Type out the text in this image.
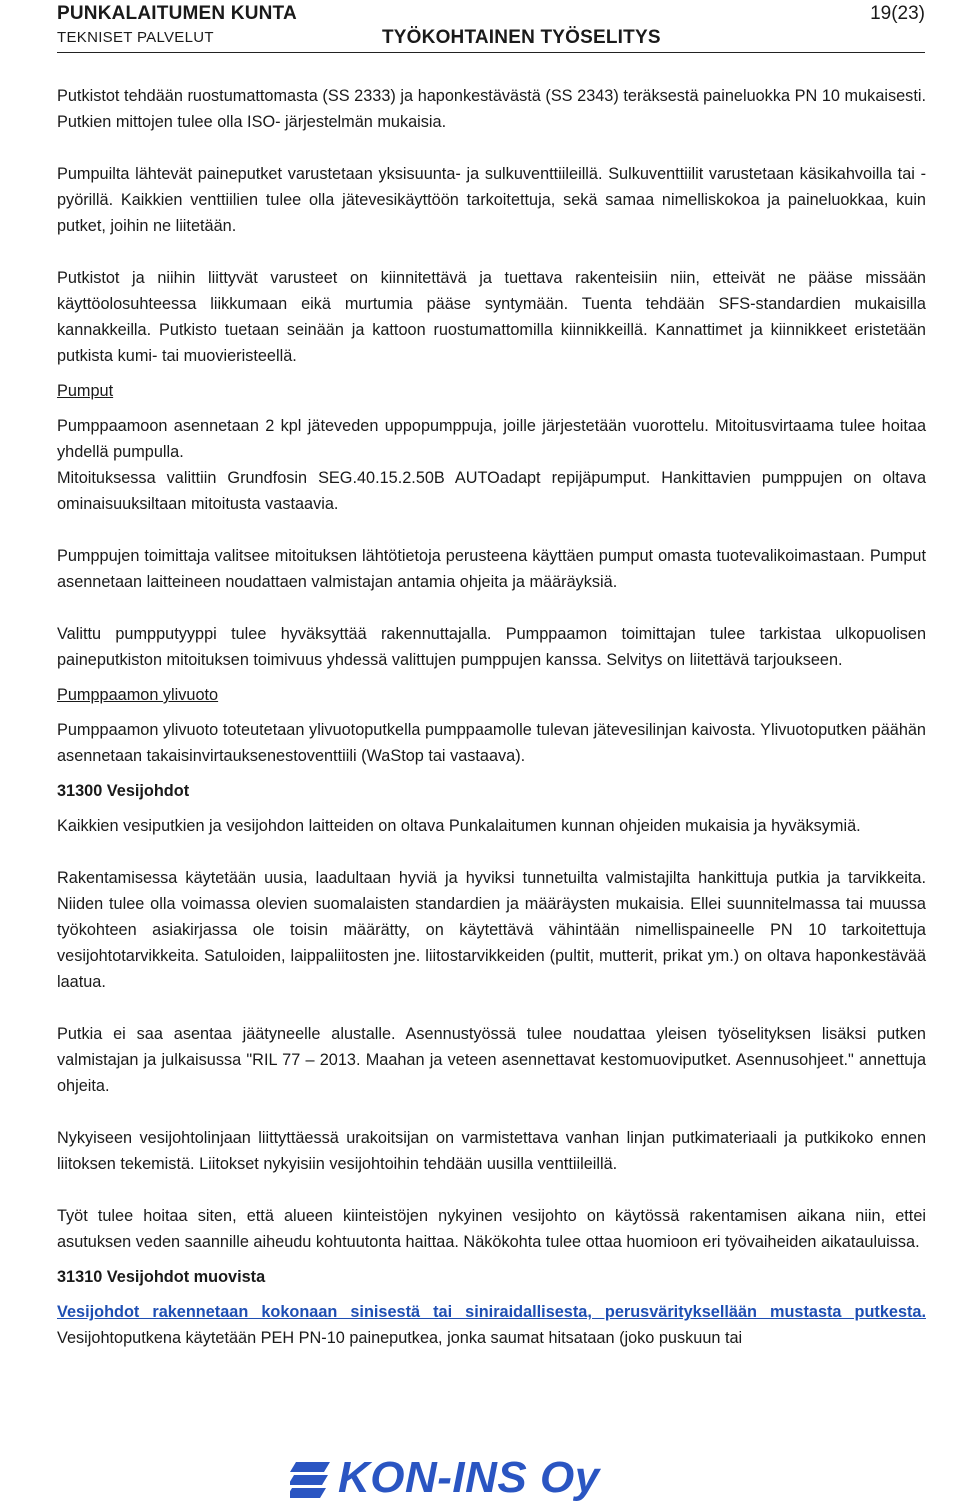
PUNKALAITUMEN KUNTA	19(23)
TEKNISET PALVELUT	TYÖKOHTAINEN TYÖSELITYS

Putkistot tehdään ruostumattomasta (SS 2333) ja haponkestävästä (SS 2343) teräksestä paineluokka PN 10 mukaisesti. Putkien mittojen tulee olla ISO- järjestelmän mukaisia.

Pumpuilta lähtevät paineputket varustetaan yksisuunta- ja sulkuventtiileillä. Sulkuventtiilit varustetaan käsikahvoilla tai -pyörillä. Kaikkien venttiilien tulee olla jätevesikäyttöön tarkoitettuja, sekä samaa nimelliskokoa ja paineluokkaa, kuin putket, joihin ne liitetään.

Putkistot ja niihin liittyvät varusteet on kiinnitettävä ja tuettava rakenteisiin niin, etteivät ne pääse missään käyttöolosuhteessa liikkumaan eikä murtumia pääse syntymään. Tuenta tehdään SFS-standardien mukaisilla kannakkeilla. Putkisto tuetaan seinään ja kattoon ruostumattomilla kiinnikkeillä. Kannattimet ja kiinnikkeet eristetään putkista kumi- tai muovieristeellä.

Pumput

Pumppaamoon asennetaan 2 kpl jäteveden uppopumppuja, joille järjestetään vuorottelu. Mitoitusvirtaama tulee hoitaa yhdellä pumpulla.

Mitoituksessa valittiin Grundfosin SEG.40.15.2.50B AUTOadapt repijäpumput. Hankittavien pumppujen on oltava ominaisuuksiltaan mitoitusta vastaavia.

Pumppujen toimittaja valitsee mitoituksen lähtötietoja perusteena käyttäen pumput omasta tuotevalikoimastaan. Pumput asennetaan laitteineen noudattaen valmistajan antamia ohjeita ja määräyksiä.

Valittu pumpputyyppi tulee hyväksyttää rakennuttajalla. Pumppaamon toimittajan tulee tarkistaa ulkopuolisen paineputkiston mitoituksen toimivuus yhdessä valittujen pumppujen kanssa. Selvitys on liitettävä tarjoukseen.

Pumppaamon ylivuoto

Pumppaamon ylivuoto toteutetaan ylivuotoputkella pumppaamolle tulevan jätevesilinjan kaivosta. Ylivuotoputken päähän asennetaan takaisinvirtauksenestoventtiili (WaStop tai vastaava).

31300 Vesijohdot

Kaikkien vesiputkien ja vesijohdon laitteiden on oltava Punkalaitumen kunnan ohjeiden mukaisia ja hyväksymiä.

Rakentamisessa käytetään uusia, laadultaan hyviä ja hyviksi tunnetuilta valmistajilta hankittuja putkia ja tarvikkeita. Niiden tulee olla voimassa olevien suomalaisten standardien ja määräysten mukaisia. Ellei suunnitelmassa tai muussa työkohteen asiakirjassa ole toisin määrätty, on käytettävä vähintään nimellispaineelle PN 10 tarkoitettuja vesijohtotarvikkeita. Satuloiden, laippaliitosten jne. liitostarvikkeiden (pultit, mutterit, prikat ym.) on oltava haponkestävää laatua.

Putkia ei saa asentaa jäätyneelle alustalle. Asennustyössä tulee noudattaa yleisen työselityksen lisäksi putken valmistajan ja julkaisussa "RIL 77 – 2013. Maahan ja veteen asennettavat kestomuoviputket. Asennusohjeet." annettuja ohjeita.

Nykyiseen vesijohtolinjaan liittyttäessä urakoitsijan on varmistettava vanhan linjan putkimateriaali ja putkikoko ennen liitoksen tekemistä. Liitokset nykyisiin vesijohtoihin tehdään uusilla venttiileillä.

Työt tulee hoitaa siten, että alueen kiinteistöjen nykyinen vesijohto on käytössä rakentamisen aikana niin, ettei asutuksen veden saannille aiheudu kohtuutonta haittaa. Näkökohta tulee ottaa huomioon eri työvaiheiden aikatauluissa.

31310 Vesijohdot muovista

Vesijohdot rakennetaan kokonaan sinisestä tai siniraidallisesta, perusvärityksellään mustasta putkesta. Vesijohtoputkena käytetään PEH PN-10 paineputkea, jonka saumat hitsataan (joko puskuun tai

KON-INS Oy
